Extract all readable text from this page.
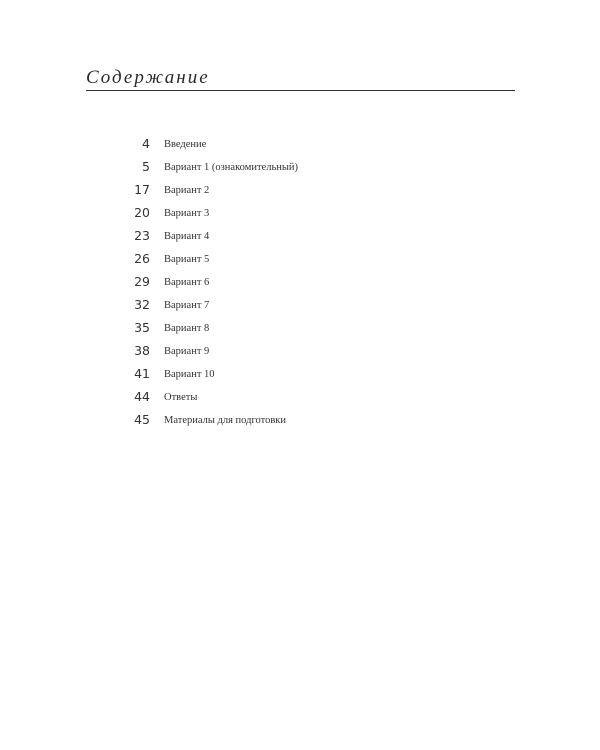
Содержание
4 Введение
5 Вариант 1 (ознакомительный)
17 Вариант 2
20 Вариант 3
23 Вариант 4
26 Вариант 5
29 Вариант 6
32 Вариант 7
35 Вариант 8
38 Вариант 9
41 Вариант 10
44 Ответы
45 Материалы для подготовки
